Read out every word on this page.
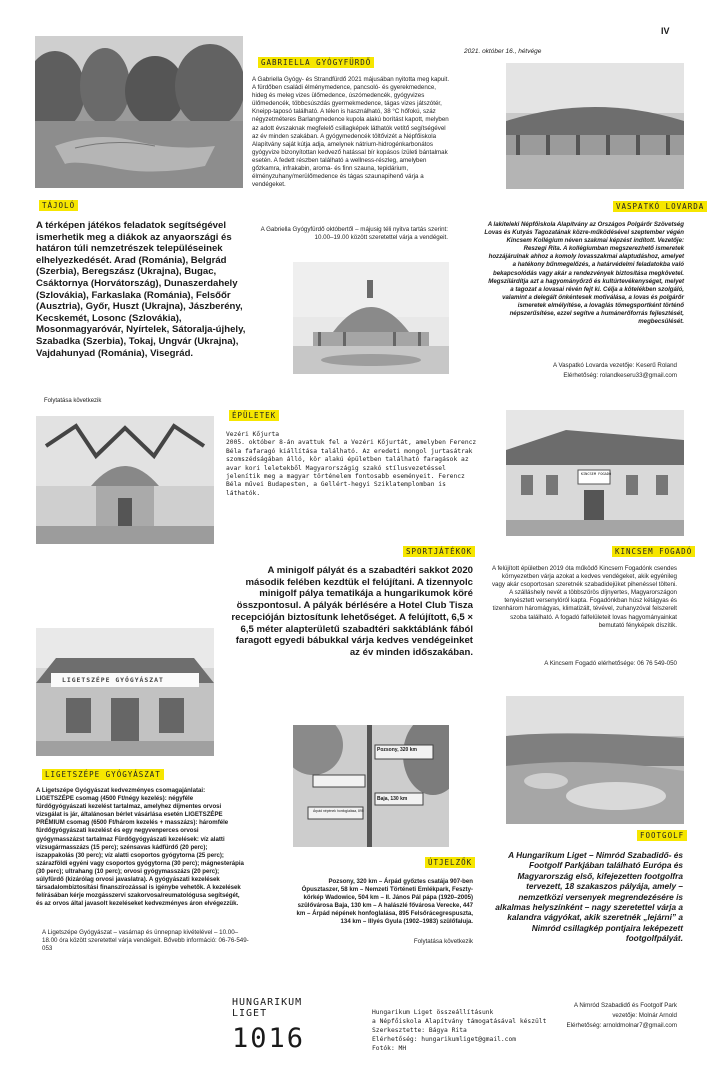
IV
2021. október 16., hétvége
GABRIELLA GYÓGYFÜRDŐ
A Gabriella Gyógy- és Strandfürdő 2021 májusában nyitotta meg kapuit. A fürdőben családi élménymedence, pancsoló- és gyerekmedence, hideg és meleg vizes ülőmedence, úszómedencék, gyógyvizes ülőmedencék, többcsúszdás gyermekmedence, tágas vizes játszótér, Kneipp-taposó található. A télen is használható, 38 °C hőfokú, száz négyzetméteres Barlangmedence kupola alakú borítást kapott, melyben az adott évszaknak megfelelő csillagképek láthatók vetítő segítségével az év minden szakában. A gyógymedencék töltővizét a Népfőiskola Alapítvány saját kútja adja, amelynek nátrium-hidrogénkarbonátos gyógyvize bizonyítottan kedvező hatással bír kopásos ízületi bántalmak esetén. A fedett részben található a wellness-részleg, amelyben gőzkamra, infrakabin, aroma- és finn szauna, tepidárium, élményzuhany/merülőmedence és tágas szaunapihenő várja a vendégeket.
A Gabriella Gyógyfürdő októbertől – májusig téli nyitva tartás szerint: 10.00–19.00 között szeretettel várja a vendégeit.
TÁJOLÓ
A térképen játékos feladatok segítségével ismerhetik meg a diákok az anyaországi és határon túli nemzetrészek településeinek elhelyezkedését. Arad (Románia), Belgrád (Szerbia), Beregszász (Ukrajna), Bugac, Csáktornya (Horvátország), Dunaszerdahely (Szlovákia), Farkaslaka (Románia), Felsőőr (Ausztria), Győr, Huszt (Ukrajna), Jászberény, Kecskemét, Losonc (Szlovákia), Mosonmagyaróvár, Nyírtelek, Sátoralja-újhely, Szabadka (Szerbia), Tokaj, Ungvár (Ukrajna), Vajdahunyad (Románia), Visegrád.
Folytatása következik
VASPATKÓ LOVARDA
A lakiteleki Népfőiskola Alapítvány az Országos Polgárőr Szövetség Lovas és Kutyás Tagozatának közre-működésével szeptember végén Kincsem Kollégium néven szakmai képzést indított. Vezetője: Reszegi Rita. A kollégiumban megszerezhető ismeretek hozzájárulnak ahhoz a komoly lovasszakmai alaptudáshoz, amelyet a hatékony bűnmegelőzés, a határvédelmi feladatokba való bekapcsolódás vagy akár a rendezvények biztosítása megkövetel. Megszilárdítja azt a hagyományőrző és kultúrtevékenységet, melyet a tagozat a lovasai révén fejt ki. Célja a kötelékben szolgáló, valamint a delegált önkéntesek motiválása, a lovas és polgárőr ismeretek elmélyítése, a lovaglás tömegsportként történő népszerűsítése, ezzel segítve a humánerőforrás fejlesztését, megbecsülését.
A Vaspatkó Lovarda vezetője: Keserű Roland
Elérhetőség: rolandkeseru33@gmail.com
ÉPÜLETEK
Vezéri Kőjurta
2005. október 8-án avattuk fel a Vezéri Kőjurtát, amelyben Ferencz Béla fafaragó kiállítása található. Az eredeti mongol jurtasátrak szomszédságában álló, kör alakú épületben található faragások az avar kori leletekből Magyarországig szakó stílusvezetéssel jelenítik meg a magyar történelem fontosabb eseményeit. Ferencz Béla művei Budapesten, a Gellért-hegyi Sziklatemplomban is láthatók.
KINCSEM FOGADÓ
SPORTJÁTÉKOK
A minigolf pályát és a szabadtéri sakkot 2020 második felében kezdtük el felújítani. A tizennyolc minigolf pálya tematikája a hungarikumok köré összpontosul. A pályák bérlésére a Hotel Club Tisza recepcióján biztosítunk lehetőséget. A felújított, 6,5 × 6,5 méter alapterületű szabadtéri sakktáblánk fából faragott egyedi bábukkal várja kedves vendégeinket az év minden időszakában.
KINCSEM FOGADÓ
A felújított épületben 2019 óta működő Kincsem Fogadónk csendes környezetben várja azokat a kedves vendégeket, akik egyénileg vagy akár csoportosan szeretnék szabadidejüket pihenéssel tölteni. A szálláshely nevét a többszörös díjnyertes, Magyarországon tenyésztett versenylóról kapta. Fogadónkban húsz kétágyas és tizenhárom háromágyas, klimatizált, tévével, zuhanyzóval felszerelt szoba található. A fogadó falfelületeit lovas hagyományainkat bemutató fényképek díszítik.
A Kincsem Fogadó elérhetősége: 06 76 549-050
LIGETSZÉPE GYÓGYÁSZAT
Pozsony, 320 km
Baja, 130 km
Árpád népének honfoglalása, 895
LIGETSZÉPE GYÓGYÁSZAT
A Ligetszépe Gyógyászat kedvezményes csomagajánlatai: LIGETSZÉPE csomag (4500 Ft/négy kezelés): négyféle fürdőgyógyászati kezelést tartalmaz, amelyhez díjmentes orvosi vizsgálat is jár, általánosan bérlet vásárlása esetén LIGETSZÉPE PRÉMIUM csomag (6500 Ft/három kezelés + masszázs): háromféle fürdőgyógyászati kezelést és egy negyvenperces orvosi gyógymasszázst tartalmaz Fürdőgyógyászati kezelések: víz alatti vízsugármasszázs (15 perc); szénsavas kádfürdő (20 perc); iszappakolás (30 perc); víz alatti csoportos gyógytorna (25 perc); szárazföldi egyéni vagy csoportos gyógytorna (30 perc); mágnesterápia (30 perc); ultrahang (10 perc); orvosi gyógymasszázs (20 perc); súlyfürdő (kizárólag orvosi javaslatra). A gyógyászati kezelések társadalombiztosítási finanszírozással is igénybe vehetők. A kezelések felírásában kérje mozgásszervi szakorvosa/reumatológusa segítségét, és az orvos által javasolt kezeléseket kedvezményes áron elvégezzük.
A Ligetszépe Gyógyászat – vasárnap és ünnepnap kivételével – 10.00–18.00 óra között szeretettel várja vendégeit. Bővebb információ: 06-76-549-053
FOOTGOLF
A Hungarikum Liget – Nimród Szabadidő- és Footgolf Parkjában található Európa és Magyarország első, kifejezetten footgolfra tervezett, 18 szakaszos pályája, amely – nemzetközi versenyek megrendezésére is alkalmas helyszínként – nagy szeretettel várja a kalandra vágyókat, akik szeretnék „lejárni” a Nimród csillagkép pontjaira leképezett footgolfpályát.
A Nimród Szabadidő és Footgolf Park
vezetője: Molnár Arnold
Elérhetőség: arnoldmolnar7@gmail.com
ÚTJELZŐK
Pozsony, 320 km – Árpád győztes csatája 907-ben Ópusztaszer, 58 km – Nemzeti Történeti Emlékpark, Feszty-körkép Wadowice, 504 km – II. János Pál pápa (1920–2005) szülővárosa Baja, 130 km – A halászlé fővárosa Verecke, 447 km – Árpád népének honfoglalása, 895 Felsőrácegrespuszta, 134 km – Illyés Gyula (1902–1983) szülőfaluja.
Folytatása következik
HUNGARIKUM
LIGET
1016
Hungarikum Liget összeállításunk
a Népfőiskola Alapítvány támogatásával készült
Szerkesztette: Bágya Rita
Elérhetőség: hungarikumliget@gmail.com
Fotók: MH
